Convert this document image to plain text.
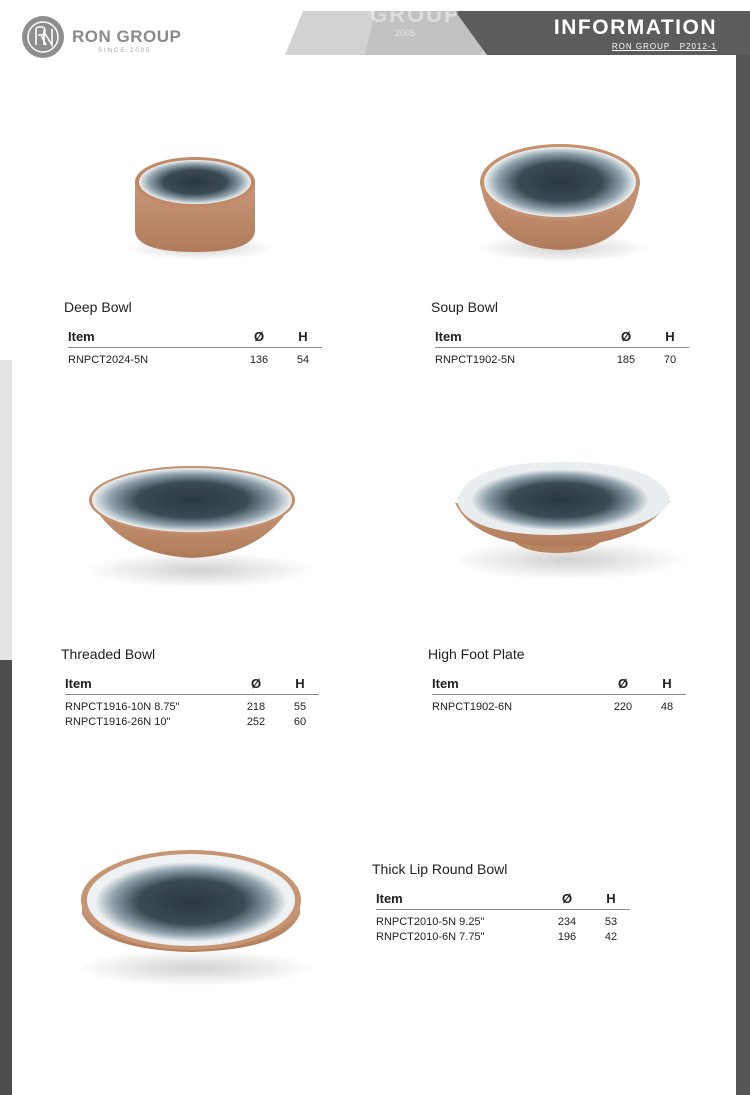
GROUP
2005	INFORMATION
RON GROUP   P2012-1
RON GROUP
SINCE 2005
Deep Bowl
Item	Ø	H
RNPCT2024-5N	136	54
Soup Bowl
Item	Ø	H
RNPCT1902-5N	185	70
Threaded Bowl
Item	Ø	H
RNPCT1916-10N 8.75"	218	55
RNPCT1916-26N 10"	252	60
High Foot Plate
Item	Ø	H
RNPCT1902-6N	220	48
Thick Lip Round Bowl
Item	Ø	H
RNPCT2010-5N 9.25"	234	53
RNPCT2010-6N 7.75"	196	42
